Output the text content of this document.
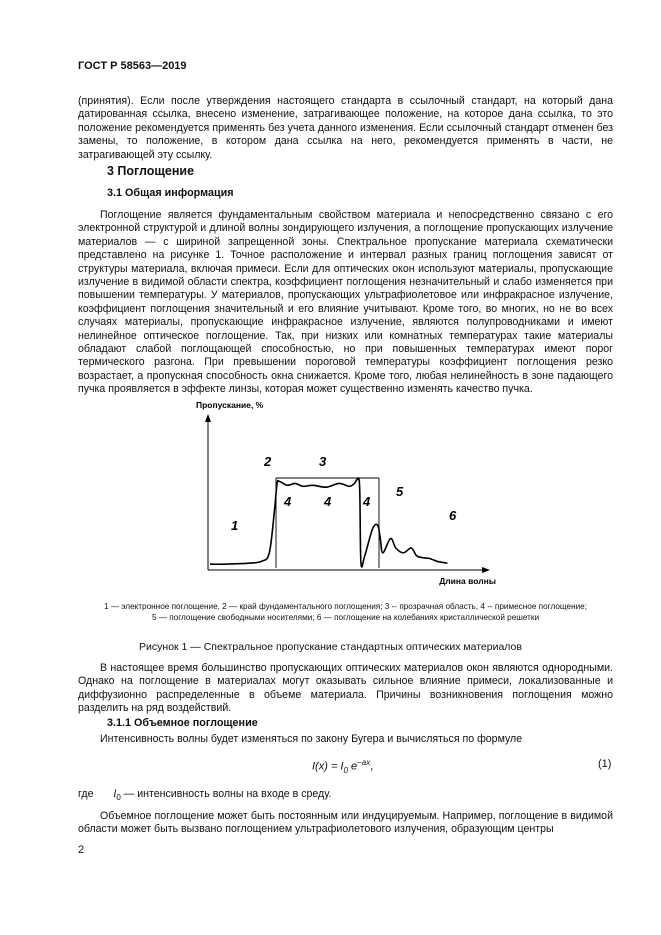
ГОСТ Р 58563—2019

(принятия). Если после утверждения настоящего стандарта в ссылочный стандарт, на который дана датированная ссылка, внесено изменение, затрагивающее положение, на которое дана ссылка, то это положение рекомендуется применять без учета данного изменения. Если ссылочный стандарт отменен без замены, то положение, в котором дана ссылка на него, рекомендуется применять в части, не затрагивающей эту ссылку.

3 Поглощение
3.1 Общая информация

Поглощение является фундаментальным свойством материала и непосредственно связано с его электронной структурой и длиной волны зондирующего излучения, а поглощение пропускающих излучение материалов — с шириной запрещенной зоны. Спектральное пропускание материала схематически представлено на рисунке 1. Точное расположение и интервал разных границ поглощения зависят от структуры материала, включая примеси. Если для оптических окон используют материалы, пропускающие излучение в видимой области спектра, коэффициент поглощения незначительный и слабо изменяется при повышении температуры. У материалов, пропускающих ультрафиолетовое или инфракрасное излучение, коэффициент поглощения значительный и его влияние учитывают. Кроме того, во многих, но не во всех случаях материалы, пропускающие инфракрасное излучение, являются полупроводниками и имеют нелинейное оптическое поглощение. Так, при низких или комнатных температурах такие материалы обладают слабой поглощающей способностью, но при повышенных температурах имеют порог термического разгона. При превышении пороговой температуры коэффициент поглощения резко возрастает, а пропускная способность окна снижается. Кроме того, любая нелинейность в зоне падающего пучка проявляется в эффекте линзы, которая может существенно изменять качество пучка.

Пропускание, %
Длина волны
1
2	3
4	4 4
5
6

1 — электронное поглощение, 2 — край фундаментального поглощения; 3 -- прозрачная область, 4 -- примесное поглощение;

5 — поглощение свободными носителями; 6 — поглощение на колебаниях кристаллической решетки

Рисунок 1 — Спектральное пропускание стандартных оптических материалов

В настоящее время большинство пропускающих оптических материалов окон являются однородными. Однако на поглощение в материалах могут оказывать сильное влияние примеси, локализованные и диффузионно распределенные в объеме материала. Причины возникновения поглощения можно разделить на ряд воздействий.

3.1.1 Объемное поглощение

Интенсивность волны будет изменяться по закону Бугера и вычисляться по формуле

$I(x) = I_0$ $e^{-ax}$,	(1)
где $I_0$ — интенсивность волны на входе в среду.

Объемное поглощение может быть постоянным или индуцируемым. Например, поглощение в видимой области может быть вызвано поглощением ультрафиолетового излучения, образующим центры

2
